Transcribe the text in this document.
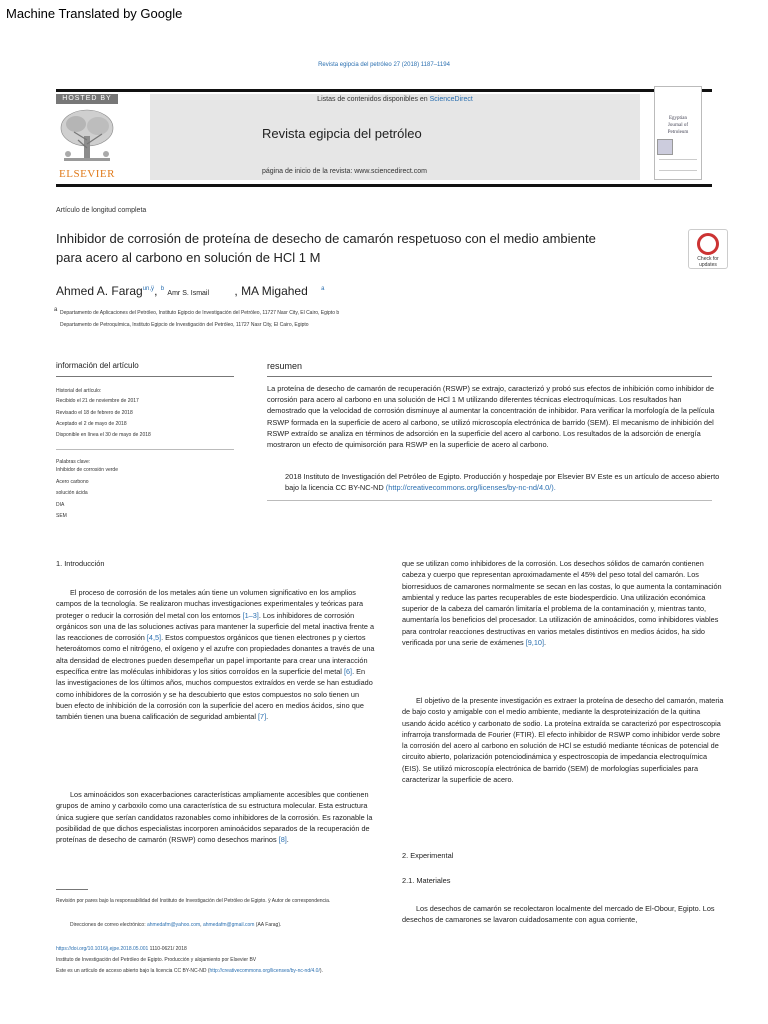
Machine Translated by Google
Revista egipcia del petróleo 27 (2018) 1187–1194
HOSTED BY
ELSEVIER
Listas de contenidos disponibles en ScienceDirect
Revista egipcia del petróleo
página de inicio de la revista: www.sciencedirect.com
Egyptian
Journal of
Petroleum
Artículo de longitud completa
Inhibidor de corrosión de proteína de desecho de camarón respetuoso con el medio ambiente
para acero al carbono en solución de HCl 1 M	Check for
updates
Ahmed A. Farag$^{un,ÿ}$, $^b$ Amr S. Ismail , MA Migahed $^a$
a Departamento de Aplicaciones del Petróleo, Instituto Egipcio de Investigación del Petróleo, 11727 Nasr City, El Cairo, Egipto b
Departamento de Petroquímica, Instituto Egipcio de Investigación del Petróleo, 11727 Nasr City, El Cairo, Egipto
información del artículo
Historial del artículo:
Recibido el 21 de noviembre de 2017
Revisado el 18 de febrero de 2018
Aceptado el 2 de mayo de 2018
Disponible en línea el 30 de mayo de 2018
Palabras clave:
Inhibidor de corrosión verde
Acero carbono
solución ácida
DIA
SEM
resumen
La proteína de desecho de camarón de recuperación (RSWP) se extrajo, caracterizó y probó sus efectos de inhibición como inhibidor de corrosión para acero al carbono en una solución de HCl 1 M utilizando diferentes técnicas electroquímicas. Los resultados han demostrado que la velocidad de corrosión disminuye al aumentar la concentración de inhibidor. Para verificar la morfología de la película RSWP formada en la superficie de acero al carbono, se utilizó microscopía electrónica de barrido (SEM). El mecanismo de inhibición del RSWP extraído se analiza en términos de adsorción en la superficie del acero al carbono. Los resultados de la adsorción de energía mostraron un efecto de quimisorción para RSWP en la superficie de acero al carbono.
2018 Instituto de Investigación del Petróleo de Egipto. Producción y hospedaje por Elsevier BV Este es un artículo de acceso abierto bajo la licencia CC BY-NC-ND (http://creativecommons.org/licenses/by-nc-nd/4.0/).
1. Introducción

El proceso de corrosión de los metales aún tiene un volumen significativo en los amplios campos de la tecnología. Se realizaron muchas investigaciones experimentales y teóricas para proteger o reducir la corrosión del metal con los entornos [1–3]. Los inhibidores de corrosión orgánicos son una de las soluciones activas para mantener la superficie del metal inactiva frente a las reacciones de corrosión [4,5]. Estos compuestos orgánicos que tienen electrones p y ciertos heteroátomos como el nitrógeno, el oxígeno y el azufre con propiedades donantes a través de una alta densidad de electrones pueden desempeñar un papel importante para crear una interacción específica entre las moléculas inhibidoras y los sitios corroídos en la superficie del metal [6]. En las investigaciones de los últimos años, muchos compuestos extraídos en verde se han estudiado como inhibidores de la corrosión y se ha descubierto que estos compuestos no solo tienen un buen efecto de inhibición de la corrosión con la superficie del acero en medios ácidos, sino que también tienen una buena calificación de seguridad ambiental [7].

Los aminoácidos son exacerbaciones características ampliamente accesibles que contienen grupos de amino y carboxilo como una característica de su estructura molecular. Esta estructura única sugiere que serían candidatos razonables como inhibidores de la corrosión. Es razonable la posibilidad de que dichos especialistas incorporen aminoácidos separados de la recuperación de proteínas de desecho de camarón (RSWP) como desechos marinos [8].

que se utilizan como inhibidores de la corrosión. Los desechos sólidos de camarón contienen cabeza y cuerpo que representan aproximadamente el 45% del peso total del camarón. Los biorresiduos de camarones normalmente se secan en las costas, lo que aumenta la contaminación ambiental y reduce las partes recuperables de este biodesperdicio. Una utilización económica superior de la cabeza del camarón limitaría el problema de la contaminación y, mientras tanto, aumentaría los beneficios del procesador. La utilización de aminoácidos, como inhibidores viables para controlar reacciones destructivas en varios metales distintivos en medios ácidos, ha sido verificada por una serie de exámenes [9,10].

El objetivo de la presente investigación es extraer la proteína de desecho del camarón, materia de bajo costo y amigable con el medio ambiente, mediante la desproteinización de la quitina usando ácido acético y carbonato de sodio. La proteína extraída se caracterizó por espectroscopia infrarroja transformada de Fourier (FTIR). El efecto inhibidor de RSWP como inhibidor verde sobre la corrosión del acero al carbono en solución de HCl se estudió mediante técnicas de potencial de circuito abierto, polarización potenciodinámica y espectroscopia de impedancia electroquímica (EIS). Se utilizó microscopía electrónica de barrido (SEM) de morfologías superficiales para caracterizar la superficie de acero.

2. Experimental
2.1. Materiales

Los desechos de camarón se recolectaron localmente del mercado de El-Obour, Egipto. Los desechos de camarones se lavaron cuidadosamente con agua corriente,

Revisión por pares bajo la responsabilidad del Instituto de Investigación del Petróleo de Egipto. ÿ Autor de correspondencia.
Direcciones de correo electrónico: ahmedafm@yahoo.com, ahmedafm@gmail.com (AA Farag).
https://doi.org/10.1016/j.ejpe.2018.05.001 1110-0621/ 2018
Instituto de Investigación del Petróleo de Egipto. Producción y alojamiento por Elsevier BV
Este es un artículo de acceso abierto bajo la licencia CC BY-NC-ND (http://creativecommons.org/licenses/by-nc-nd/4.0/).
